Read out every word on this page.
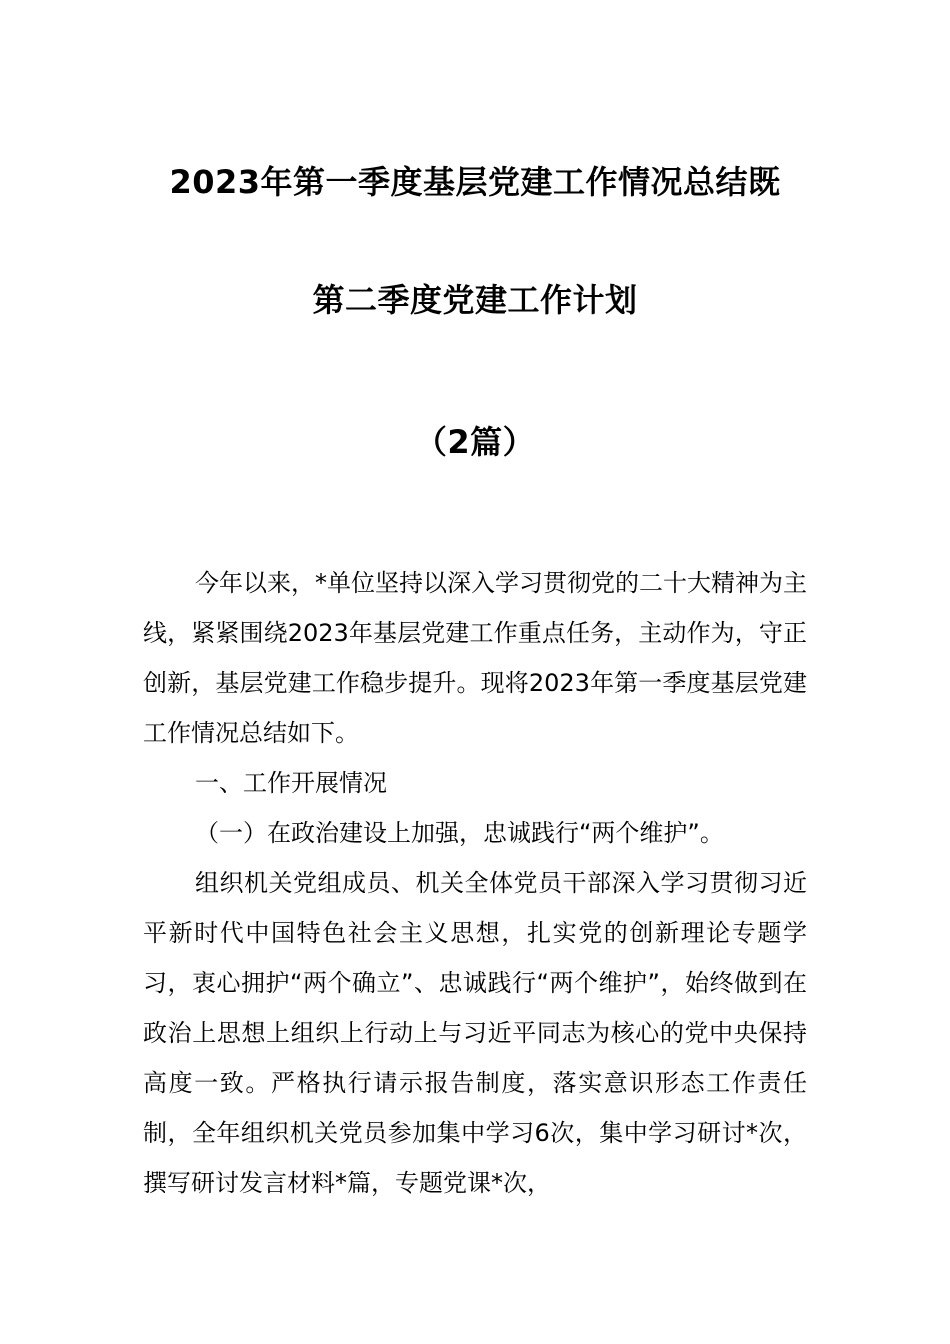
2023年第一季度基层党建工作情况总结既
第二季度党建工作计划
（2篇）

今年以来，*单位坚持以深入学习贯彻党的二十大精神为主线，紧紧围绕2023年基层党建工作重点任务，主动作为，守正创新，基层党建工作稳步提升。现将2023年第一季度基层党建工作情况总结如下。

一、工作开展情况

（一）在政治建设上加强，忠诚践行“两个维护”。

组织机关党组成员、机关全体党员干部深入学习贯彻习近平新时代中国特色社会主义思想，扎实党的创新理论专题学习，衷心拥护“两个确立”、忠诚践行“两个维护”，始终做到在政治上思想上组织上行动上与习近平同志为核心的党中央保持高度一致。严格执行请示报告制度，落实意识形态工作责任制，全年组织机关党员参加集中学习6次，集中学习研讨*次，撰写研讨发言材料*篇，专题党课*次，
